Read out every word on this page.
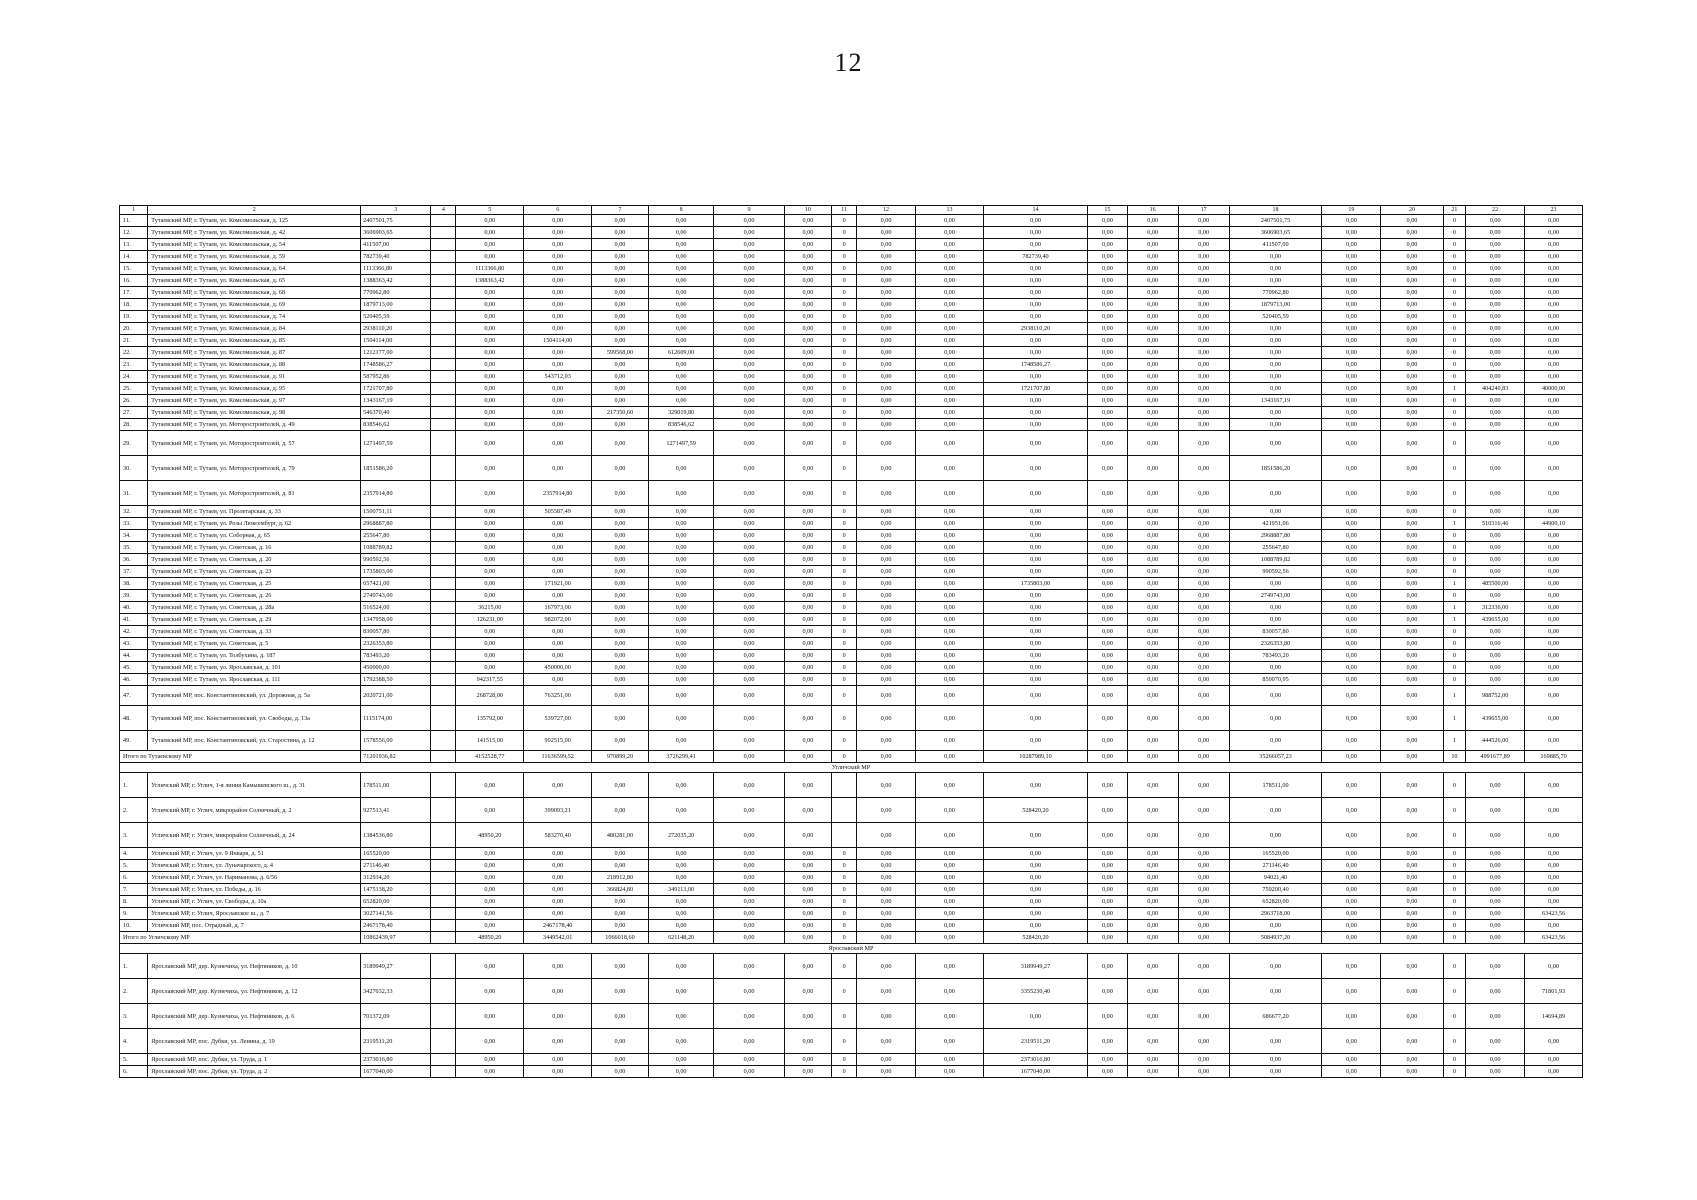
12
1	2	3	4	5	6	7	8	9	10	11	12	13	14	15	16	17	18	19	20	21	22	23
11.	Тутаевский МР, г. Тутаев, ул. Комсомольская, д. 125	2407501,75		0,00	0,00	0,00	0,00	0,00	0,00	0	0,00	0,00	0,00	0,00	0,00	0,00	2407501,75	0,00	0,00	0	0,00	0,00
12.	Тутаевский МР, г. Тутаев, ул. Комсомольская, д. 42	3606903,65		0,00	0,00	0,00	0,00	0,00	0,00	0	0,00	0,00	0,00	0,00	0,00	0,00	3606903,65	0,00	0,00	0	0,00	0,00
13.	Тутаевский МР, г. Тутаев, ул. Комсомольская, д. 54	411507,00		0,00	0,00	0,00	0,00	0,00	0,00	0	0,00	0,00	0,00	0,00	0,00	0,00	411507,00	0,00	0,00	0	0,00	0,00
14.	Тутаевский МР, г. Тутаев, ул. Комсомольская, д. 59	782739,40		0,00	0,00	0,00	0,00	0,00	0,00	0	0,00	0,00	782739,40	0,00	0,00	0,00	0,00	0,00	0,00	0	0,00	0,00
15.	Тутаевский МР, г. Тутаев, ул. Комсомольская, д. 64	1113366,80		1113366,80	0,00	0,00	0,00	0,00	0,00	0	0,00	0,00	0,00	0,00	0,00	0,00	0,00	0,00	0,00	0	0,00	0,00
16.	Тутаевский МР, г. Тутаев, ул. Комсомольская, д. 65	1388363,42		1388363,42	0,00	0,00	0,00	0,00	0,00	0	0,00	0,00	0,00	0,00	0,00	0,00	0,00	0,00	0,00	0	0,00	0,00
17.	Тутаевский МР, г. Тутаев, ул. Комсомольская, д. 68	770962,80		0,00	0,00	0,00	0,00	0,00	0,00	0	0,00	0,00	0,00	0,00	0,00	0,00	770962,80	0,00	0,00	0	0,00	0,00
18.	Тутаевский МР, г. Тутаев, ул. Комсомольская, д. 69	1879713,00		0,00	0,00	0,00	0,00	0,00	0,00	0	0,00	0,00	0,00	0,00	0,00	0,00	1879713,00	0,00	0,00	0	0,00	0,00
19.	Тутаевский МР, г. Тутаев, ул. Комсомольская, д. 74	520405,59		0,00	0,00	0,00	0,00	0,00	0,00	0	0,00	0,00	0,00	0,00	0,00	0,00	520405,59	0,00	0,00	0	0,00	0,00
20.	Тутаевский МР, г. Тутаев, ул. Комсомольская, д. 84	2938110,20		0,00	0,00	0,00	0,00	0,00	0,00	0	0,00	0,00	2938110,20	0,00	0,00	0,00	0,00	0,00	0,00	0	0,00	0,00
21.	Тутаевский МР, г. Тутаев, ул. Комсомольская, д. 85	1504114,00		0,00	1504114,00	0,00	0,00	0,00	0,00	0	0,00	0,00	0,00	0,00	0,00	0,00	0,00	0,00	0,00	0	0,00	0,00
22.	Тутаевский МР, г. Тутаев, ул. Комсомольская, д. 87	1212177,00		0,00	0,00	599568,00	612609,00	0,00	0,00	0	0,00	0,00	0,00	0,00	0,00	0,00	0,00	0,00	0,00	0	0,00	0,00
23.	Тутаевский МР, г. Тутаев, ул. Комсомольская, д. 88	1748586,27		0,00	0,00	0,00	0,00	0,00	0,00	0	0,00	0,00	1748586,27	0,00	0,00	0,00	0,00	0,00	0,00	0	0,00	0,00
24.	Тутаевский МР, г. Тутаев, ул. Комсомольская, д. 91	587952,86		0,00	543712,03	0,00	0,00	0,00	0,00	0	0,00	0,00	0,00	0,00	0,00	0,00	0,00	0,00	0,00	0	0,00	0,00
25.	Тутаевский МР, г. Тутаев, ул. Комсомольская, д. 95	1721707,80		0,00	0,00	0,00	0,00	0,00	0,00	0	0,00	0,00	1721707,80	0,00	0,00	0,00	0,00	0,00	0,00	1	404240,83	40000,00
26.	Тутаевский МР, г. Тутаев, ул. Комсомольская, д. 97	1343167,19		0,00	0,00	0,00	0,00	0,00	0,00	0	0,00	0,00	0,00	0,00	0,00	0,00	1343167,19	0,00	0,00	0	0,00	0,00
27.	Тутаевский МР, г. Тутаев, ул. Комсомольская, д. 98	546370,40		0,00	0,00	217350,60	329019,80	0,00	0,00	0	0,00	0,00	0,00	0,00	0,00	0,00	0,00	0,00	0,00	0	0,00	0,00
28.	Тутаевский МР, г. Тутаев, ул. Моторостроителей, д. 49	838546,62		0,00	0,00	0,00	838546,62	0,00	0,00	0	0,00	0,00	0,00	0,00	0,00	0,00	0,00	0,00	0,00	0	0,00	0,00
29.	Тутаевский МР, г. Тутаев, ул. Моторостроителей, д. 57	1271497,59		0,00	0,00	0,00	1271497,59	0,00	0,00	0	0,00	0,00	0,00	0,00	0,00	0,00	0,00	0,00	0,00	0	0,00	0,00
30.	Тутаевский МР, г. Тутаев, ул. Моторостроителей, д. 79	1851586,20		0,00	0,00	0,00	0,00	0,00	0,00	0	0,00	0,00	0,00	0,00	0,00	0,00	1851586,20	0,00	0,00	0	0,00	0,00
31.	Тутаевский МР, г. Тутаев, ул. Моторостроителей, д. 81	2357914,80		0,00	2357914,80	0,00	0,00	0,00	0,00	0	0,00	0,00	0,00	0,00	0,00	0,00	0,00	0,00	0,00	0	0,00	0,00
32.	Тутаевский МР, г. Тутаев, ул. Пролетарская, д. 33	1500751,11		0,00	505587,49	0,00	0,00	0,00	0,00	0	0,00	0,00	0,00	0,00	0,00	0,00	0,00	0,00	0,00	0	0,00	0,00
33.	Тутаевский МР, г. Тутаев, ул. Розы Люксембург, д. 62	2968887,80		0,00	0,00	0,00	0,00	0,00	0,00	0	0,00	0,00	0,00	0,00	0,00	0,00	421951,06	0,00	0,00	1	510316,46	44900,10
34.	Тутаевский МР, г. Тутаев, ул. Соборная, д. 65	255647,80		0,00	0,00	0,00	0,00	0,00	0,00	0	0,00	0,00	0,00	0,00	0,00	0,00	2968887,80	0,00	0,00	0	0,00	0,00
35.	Тутаевский МР, г. Тутаев, ул. Советская, д. 16	1088789,82		0,00	0,00	0,00	0,00	0,00	0,00	0	0,00	0,00	0,00	0,00	0,00	0,00	255647,80	0,00	0,00	0	0,00	0,00
36.	Тутаевский МР, г. Тутаев, ул. Советская, д. 20	990592,56		0,00	0,00	0,00	0,00	0,00	0,00	0	0,00	0,00	0,00	0,00	0,00	0,00	1088789,82	0,00	0,00	0	0,00	0,00
37.	Тутаевский МР, г. Тутаев, ул. Советская, д. 23	1735803,00		0,00	0,00	0,00	0,00	0,00	0,00	0	0,00	0,00	0,00	0,00	0,00	0,00	990592,56	0,00	0,00	0	0,00	0,00
38.	Тутаевский МР, г. Тутаев, ул. Советская, д. 25	657421,00		0,00	171921,00	0,00	0,00	0,00	0,00	0	0,00	0,00	1735803,00	0,00	0,00	0,00	0,00	0,00	0,00	1	485500,00	0,00
39.	Тутаевский МР, г. Тутаев, ул. Советская, д. 26	2749743,00		0,00	0,00	0,00	0,00	0,00	0,00	0	0,00	0,00	0,00	0,00	0,00	0,00	2749743,00	0,00	0,00	0	0,00	0,00
40.	Тутаевский МР, г. Тутаев, ул. Советская, д. 28а	516524,00		36215,00	167973,00	0,00	0,00	0,00	0,00	0	0,00	0,00	0,00	0,00	0,00	0,00	0,00	0,00	0,00	1	312336,00	0,00
41.	Тутаевский МР, г. Тутаев, ул. Советская, д. 29	1347958,00		126231,00	982072,00	0,00	0,00	0,00	0,00	0	0,00	0,00	0,00	0,00	0,00	0,00	0,00	0,00	0,00	1	439655,00	0,00
42.	Тутаевский МР, г. Тутаев, ул. Советская, д. 33	830057,80		0,00	0,00	0,00	0,00	0,00	0,00	0	0,00	0,00	0,00	0,00	0,00	0,00	830057,80	0,00	0,00	0	0,00	0,00
43.	Тутаевский МР, г. Тутаев, ул. Советская, д. 5	2326353,80		0,00	0,00	0,00	0,00	0,00	0,00	0	0,00	0,00	0,00	0,00	0,00	0,00	2326353,80	0,00	0,00	0	0,00	0,00
44.	Тутаевский МР, г. Тутаев, ул. Толбухина, д. 187	783493,20		0,00	0,00	0,00	0,00	0,00	0,00	0	0,00	0,00	0,00	0,00	0,00	0,00	783493,20	0,00	0,00	0	0,00	0,00
45.	Тутаевский МР, г. Тутаев, ул. Ярославская, д. 101	450000,00		0,00	450000,00	0,00	0,00	0,00	0,00	0	0,00	0,00	0,00	0,00	0,00	0,00	0,00	0,00	0,00	0	0,00	0,00
46.	Тутаевский МР, г. Тутаев, ул. Ярославская, д. 111	1792388,50		942317,55	0,00	0,00	0,00	0,00	0,00	0	0,00	0,00	0,00	0,00	0,00	0,00	850070,95	0,00	0,00	0	0,00	0,00
47.	Тутаевский МР, пос. Константиновский, ул. Дорожная, д. 5а	2020721,00		268728,00	763251,00	0,00	0,00	0,00	0,00	0	0,00	0,00	0,00	0,00	0,00	0,00	0,00	0,00	0,00	1	988752,00	0,00
48.	Тутаевский МР, пос. Константиновский, ул. Свободы, д. 13а	1115174,00		135792,00	539727,00	0,00	0,00	0,00	0,00	0	0,00	0,00	0,00	0,00	0,00	0,00	0,00	0,00	0,00	1	439655,00	0,00
49.	Тутаевский МР, пос. Константиновский, ул. Старостина, д. 12	1578556,00		141515,00	992515,00	0,00	0,00	0,00	0,00	0	0,00	0,00	0,00	0,00	0,00	0,00	0,00	0,00	0,00	1	444526,00	0,00
Итого по Тутаевскому МР		71201936,82		4152528,77	11636599,52	970899,20	3726299,41	0,00	0,00	0	0,00	0,00	10287989,10	0,00	0,00	0,00	35266057,23	0,00	0,00	10	4991677,89	169885,70
Угличский МР																						
1.	Угличский МР, г. Углич, 1-я линия Камышевского ш., д. 31	178511,00		0,00	0,00	0,00	0,00	0,00	0,00		0,00	0,00	0,00	0,00	0,00	0,00	178511,00	0,00	0,00	0	0,00	0,00
2.	Угличский МР, г. Углич, микрорайон Солнечный, д. 2	927513,41		0,00	399093,21	0,00	0,00	0,00	0,00		0,00	0,00	528420,20	0,00	0,00	0,00	0,00	0,00	0,00	0	0,00	0,00
3.	Угличский МР, г. Углич, микрорайон Солнечный, д. 24	1384536,80		48950,20	583270,40	480281,00	272035,20	0,00	0,00		0,00	0,00	0,00	0,00	0,00	0,00	0,00	0,00	0,00	0	0,00	0,00
4.	Угличский МР, г. Углич, ул. 9 Января, д. 51	165520,00		0,00	0,00	0,00	0,00	0,00	0,00	0	0,00	0,00	0,00	0,00	0,00	0,00	165520,00	0,00	0,00	0	0,00	0,00
5.	Угличский МР, г. Углич, ул. Луначарского, д. 4	271146,40		0,00	0,00	0,00	0,00	0,00	0,00	0	0,00	0,00	0,00	0,00	0,00	0,00	271146,40	0,00	0,00	0	0,00	0,00
6.	Угличский МР, г. Углич, ул. Нариманова, д. 6/56	312934,20		0,00	0,00	218912,80	0,00	0,00	0,00	0	0,00	0,00	0,00	0,00	0,00	0,00	94021,40	0,00	0,00	0	0,00	0,00
7.	Угличский МР, г. Углич, ул. Победы, д. 16	1475138,20		0,00	0,00	366824,80	349113,00	0,00	0,00	0	0,00	0,00	0,00	0,00	0,00	0,00	759200,40	0,00	0,00	0	0,00	0,00
8.	Угличский МР, г. Углич, ул. Свободы, д. 10а	652820,00		0,00	0,00	0,00	0,00	0,00	0,00	0	0,00	0,00	0,00	0,00	0,00	0,00	652820,00	0,00	0,00	0	0,00	0,00
9.	Угличский МР, г. Углич, Ярославское ш., д. 7	3027141,56		0,00	0,00	0,00	0,00	0,00	0,00	0	0,00	0,00	0,00	0,00	0,00	0,00	2963718,00	0,00	0,00	0	0,00	63423,56
10.	Угличский МР, пос. Отрадный, д. 7	2467178,40		0,00	2467178,40	0,00	0,00	0,00	0,00	0	0,00	0,00	0,00	0,00	0,00	0,00	0,00	0,00	0,00	0	0,00	0,00
Итого по Угличскому МР		10862439,97		48950,20	3449542,01	1066018,60	621148,20	0,00	0,00	0	0,00	0,00	528420,20	0,00	0,00	0,00	5084937,20	0,00	0,00	0	0,00	63423,56
Ярославский МР																						
1.	Ярославский МР, дер. Кузнечиха, ул. Нефтяников, д. 10	3189949,27		0,00	0,00	0,00	0,00	0,00	0,00	0	0,00	0,00	3189949,27	0,00	0,00	0,00	0,00	0,00	0,00	0	0,00	0,00
2.	Ярославский МР, дер. Кузнечиха, ул. Нефтяников, д. 12	3427032,33		0,00	0,00	0,00	0,00	0,00	0,00	0	0,00	0,00	3355230,40	0,00	0,00	0,00	0,00	0,00	0,00	0	0,00	71801,93
3.	Ярославский МР, дер. Кузнечиха, ул. Нефтяников, д. 6	701372,09		0,00	0,00	0,00	0,00	0,00	0,00	0	0,00	0,00	0,00	0,00	0,00	0,00	686677,20	0,00	0,00	0	0,00	14694,89
4.	Ярославский МР, пос. Дубки, ул. Ленина, д. 19	2319511,20		0,00	0,00	0,00	0,00	0,00	0,00	0	0,00	0,00	2319511,20	0,00	0,00	0,00	0,00	0,00	0,00	0	0,00	0,00
5.	Ярославский МР, пос. Дубки, ул. Труда, д. 1	2373016,80		0,00	0,00	0,00	0,00	0,00	0,00	0	0,00	0,00	2373016,80	0,00	0,00	0,00	0,00	0,00	0,00	0	0,00	0,00
6.	Ярославский МР, пос. Дубки, ул. Труда, д. 2	1677040,00		0,00	0,00	0,00	0,00	0,00	0,00	0	0,00	0,00	1677040,00	0,00	0,00	0,00	0,00	0,00	0,00	0	0,00	0,00
